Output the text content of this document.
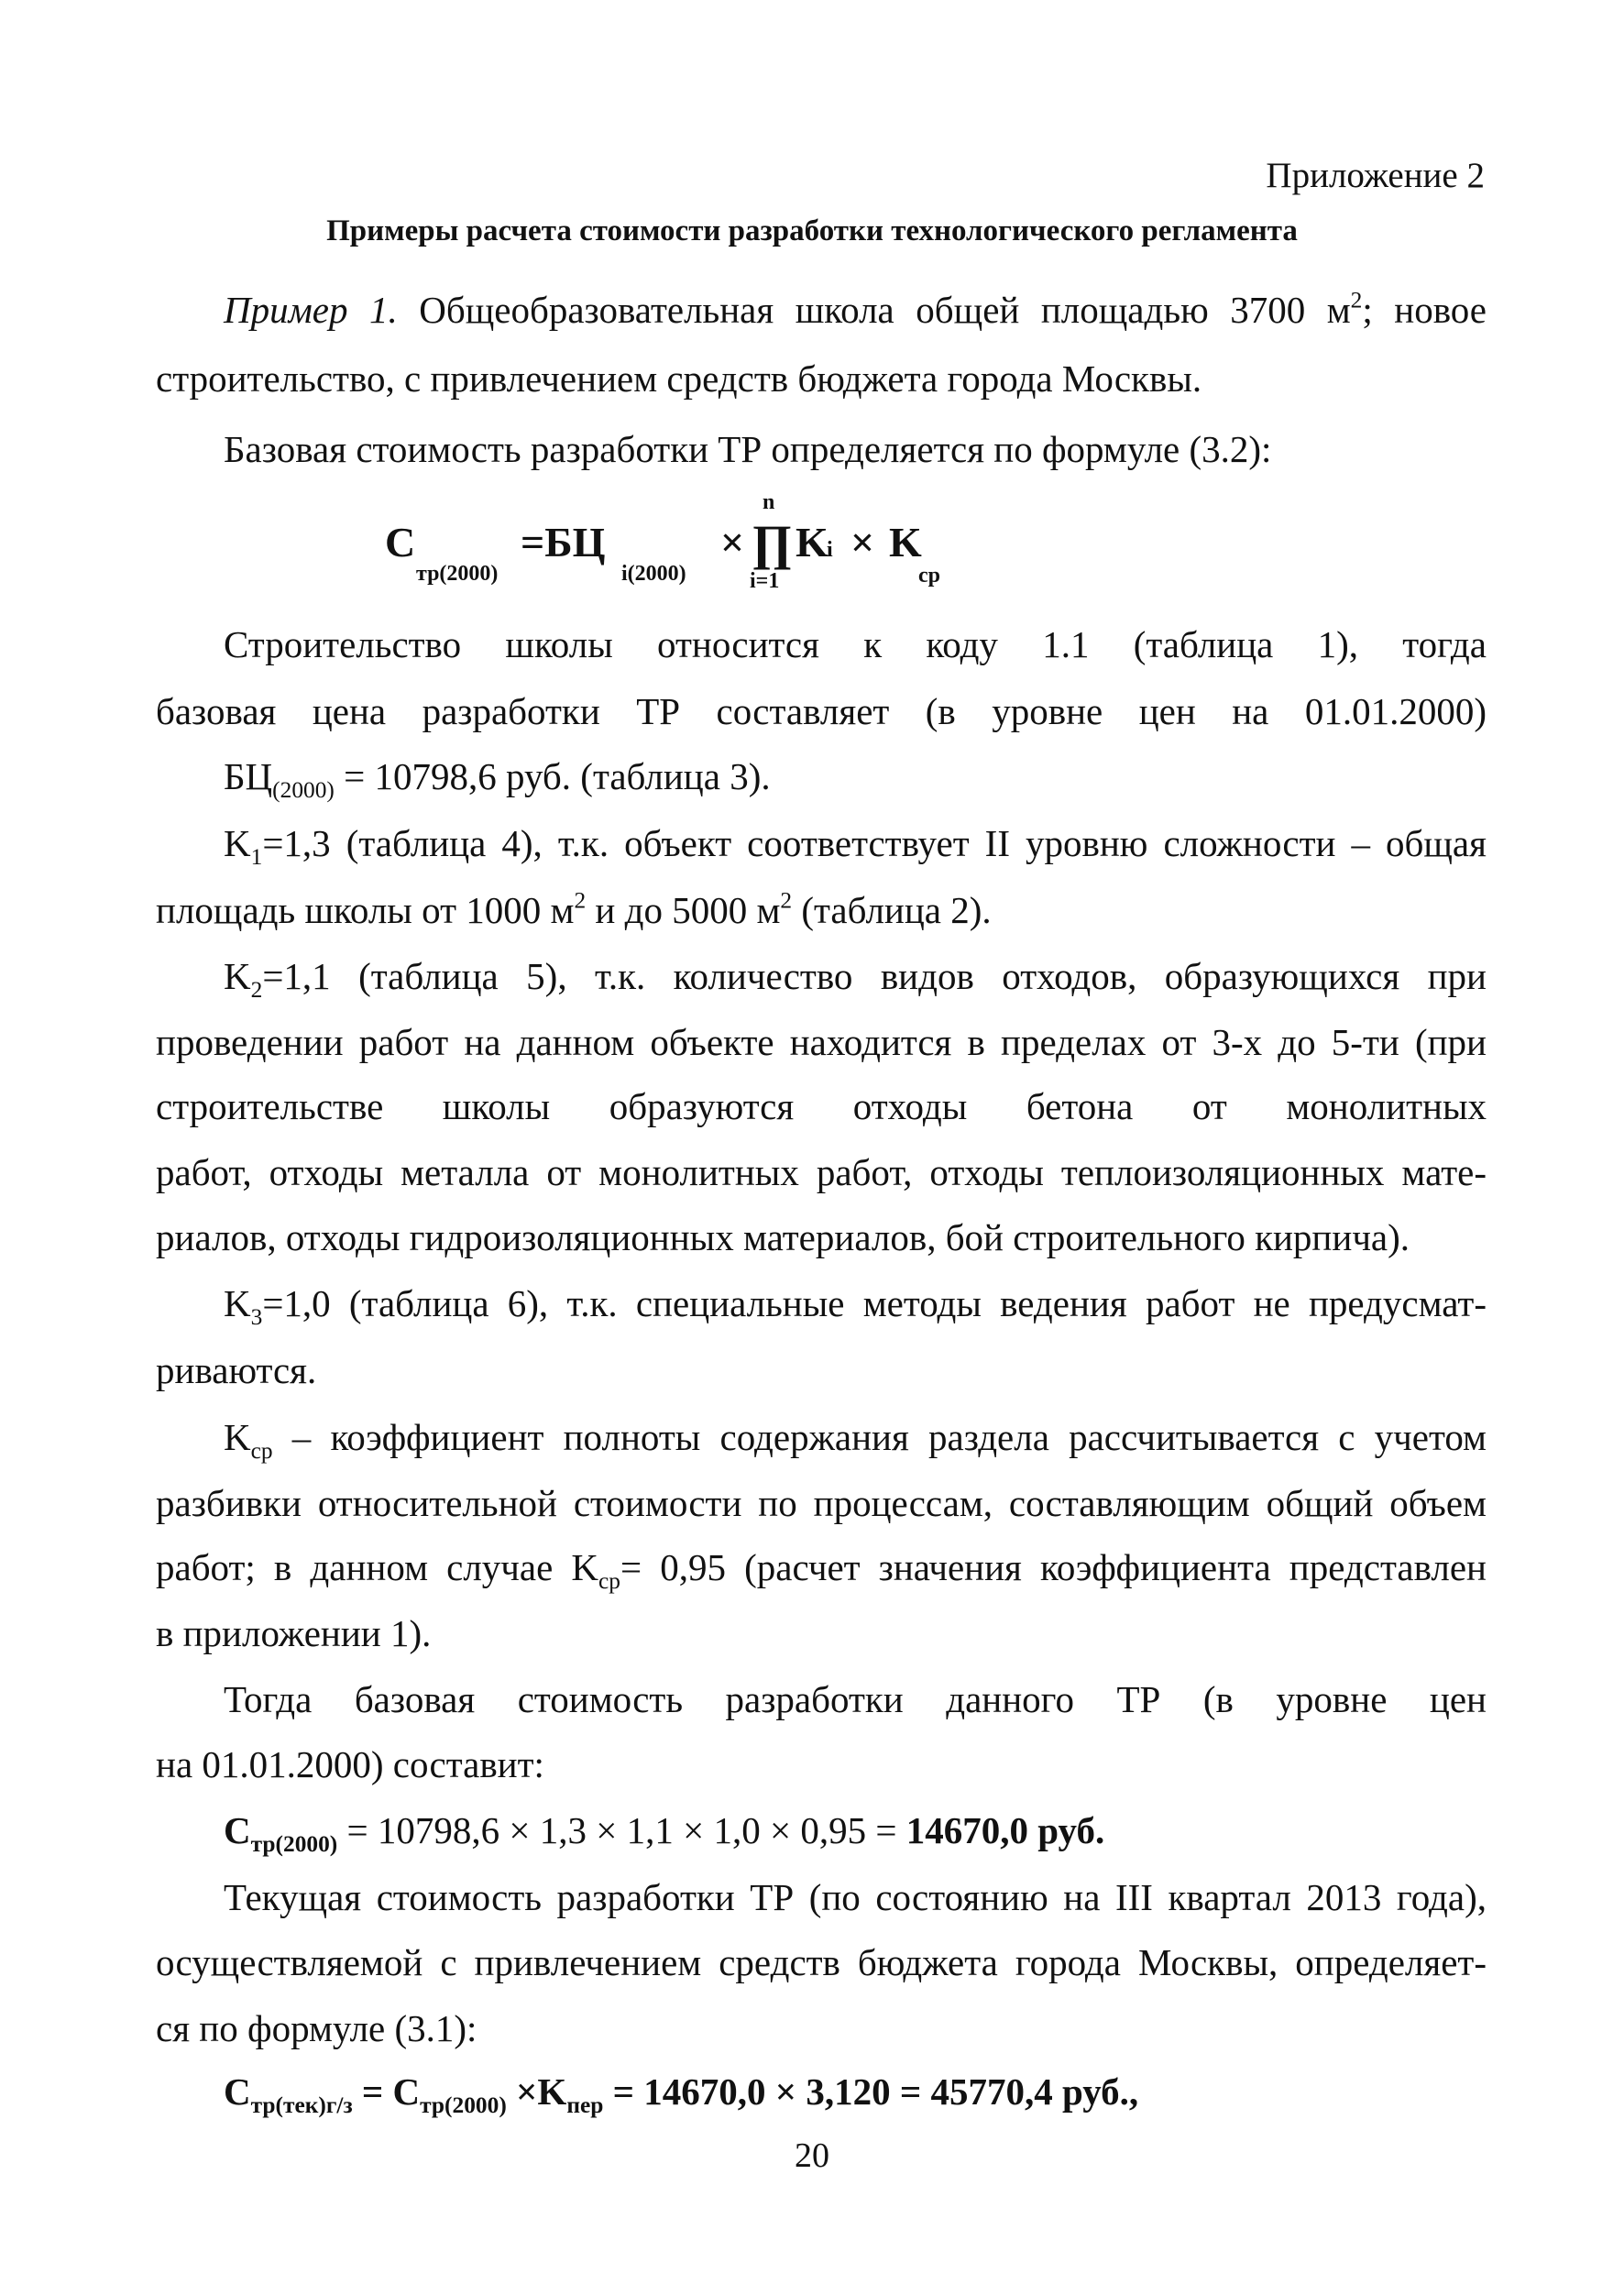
Приложение 2
Примеры расчета стоимости разработки технологического регламента
Пример 1. Общеобразовательная школа общей площадью 3700 $м^2$; новое
строительство, с привлечением средств бюджета города Москвы.
Базовая стоимость разработки ТР определяется по формуле (3.2):
C
тр(2000)
=БЦ
i(2000)
×
n
∏
i=1
K
i × K
ср
Строительство школы относится к коду 1.1 (таблица 1), тогда
базовая цена разработки ТР составляет (в уровне цен на 01.01.2000)
$БЦ_{(2000)} = 10798,6$ руб. (таблица 3).
$K_1=1,3$ (таблица 4), т.к. объект соответствует II уровню сложности – общая
площадь школы от 1000 $м^2$ и до 5000 $м^2$ (таблица 2).
$K_2=1,1$ (таблица 5), т.к. количество видов отходов, образующихся при
проведении работ на данном объекте находится в пределах от 3-х до 5-ти (при
строительстве школы образуются отходы бетона от монолитных
работ, отходы металла от монолитных работ, отходы теплоизоляционных мате-
риалов, отходы гидроизоляционных материалов, бой строительного кирпича).
$K_3=1,0$ (таблица 6), т.к. специальные методы ведения работ не предусмат-
риваются.
$K_{ср}$ – коэффициент полноты содержания раздела рассчитывается с учетом
разбивки относительной стоимости по процессам, составляющим общий объем
работ; в данном случае $K_{ср}= 0,95$ (расчет значения коэффициента представлен
в приложении 1).
Тогда базовая стоимость разработки данного ТР (в уровне цен
на 01.01.2000) составит:
$C_{тр(2000)} = 10798,6 \times 1,3 \times 1,1 \times 1,0 \times 0,95 = 14670,0$ руб.
Текущая стоимость разработки ТР (по состоянию на III квартал 2013 года),
осуществляемой с привлечением средств бюджета города Москвы, определяет-
ся по формуле (3.1):
$C_{тр(тек)г/з} = C_{тр(2000)} \times K_{пер} = 14670,0 \times 3,120 = 45770,4$ руб.,
20
